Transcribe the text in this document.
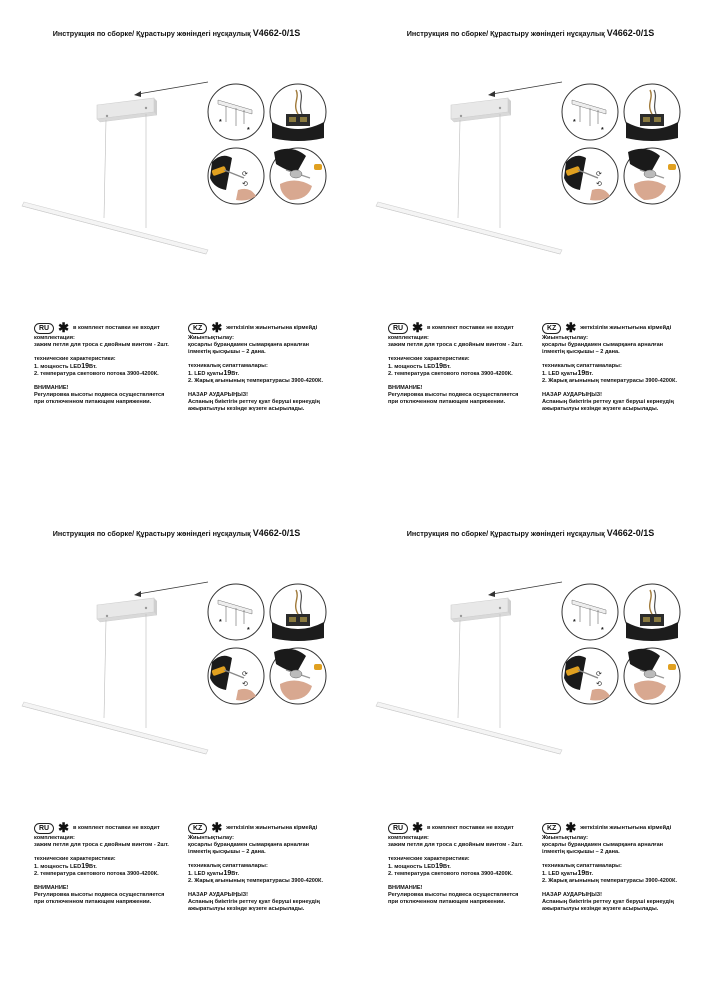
Инструкция по сборке/ Құрастыру жөніндегі нұсқаулық V4662-0/1S
*
*
⟳
⟲
RU ✱ в комплект поставки не входит
комплектация:
зажим петля для троса с двойным винтом - 2шт.
технические характеристики:
1. мощность LED19Вт.
2. температура светового потока 3900-4200К.
ВНИМАНИЕ!
Регулировка высоты подвеса осуществляется
при отключенном питающем напряжении.
KZ ✱ жеткізілім жиынтығына кірмейді
Жиынтықтылау:
қосарлы бұрандамен сымарқанға арналған
ілмектің қысқышы – 2 дана.
техникалық сипаттамалары:
1. LED қуаты19Вт.
2. Жарық ағынының температурасы 3900-4200К.
НАЗАР АУДАРЫҢЫЗ!
Аспаның биіктігін реттеу қуат беруші кернеудің
ажыратылуы кезінде жүзеге асырылады.
Инструкция по сборке/ Құрастыру жөніндегі нұсқаулық V4662-0/1S
*
*
⟳
⟲
RU ✱ в комплект поставки не входит
комплектация:
зажим петля для троса с двойным винтом - 2шт.
технические характеристики:
1. мощность LED19Вт.
2. температура светового потока 3900-4200К.
ВНИМАНИЕ!
Регулировка высоты подвеса осуществляется
при отключенном питающем напряжении.
KZ ✱ жеткізілім жиынтығына кірмейді
Жиынтықтылау:
қосарлы бұрандамен сымарқанға арналған
ілмектің қысқышы – 2 дана.
техникалық сипаттамалары:
1. LED қуаты19Вт.
2. Жарық ағынының температурасы 3900-4200К.
НАЗАР АУДАРЫҢЫЗ!
Аспаның биіктігін реттеу қуат беруші кернеудің
ажыратылуы кезінде жүзеге асырылады.
Инструкция по сборке/ Құрастыру жөніндегі нұсқаулық V4662-0/1S
*
*
⟳
⟲
RU ✱ в комплект поставки не входит
комплектация:
зажим петля для троса с двойным винтом - 2шт.
технические характеристики:
1. мощность LED19Вт.
2. температура светового потока 3900-4200К.
ВНИМАНИЕ!
Регулировка высоты подвеса осуществляется
при отключенном питающем напряжении.
KZ ✱ жеткізілім жиынтығына кірмейді
Жиынтықтылау:
қосарлы бұрандамен сымарқанға арналған
ілмектің қысқышы – 2 дана.
техникалық сипаттамалары:
1. LED қуаты19Вт.
2. Жарық ағынының температурасы 3900-4200К.
НАЗАР АУДАРЫҢЫЗ!
Аспаның биіктігін реттеу қуат беруші кернеудің
ажыратылуы кезінде жүзеге асырылады.
Инструкция по сборке/ Құрастыру жөніндегі нұсқаулық V4662-0/1S
*
*
⟳
⟲
RU ✱ в комплект поставки не входит
комплектация:
зажим петля для троса с двойным винтом - 2шт.
технические характеристики:
1. мощность LED19Вт.
2. температура светового потока 3900-4200К.
ВНИМАНИЕ!
Регулировка высоты подвеса осуществляется
при отключенном питающем напряжении.
KZ ✱ жеткізілім жиынтығына кірмейді
Жиынтықтылау:
қосарлы бұрандамен сымарқанға арналған
ілмектің қысқышы – 2 дана.
техникалық сипаттамалары:
1. LED қуаты19Вт.
2. Жарық ағынының температурасы 3900-4200К.
НАЗАР АУДАРЫҢЫЗ!
Аспаның биіктігін реттеу қуат беруші кернеудің
ажыратылуы кезінде жүзеге асырылады.
